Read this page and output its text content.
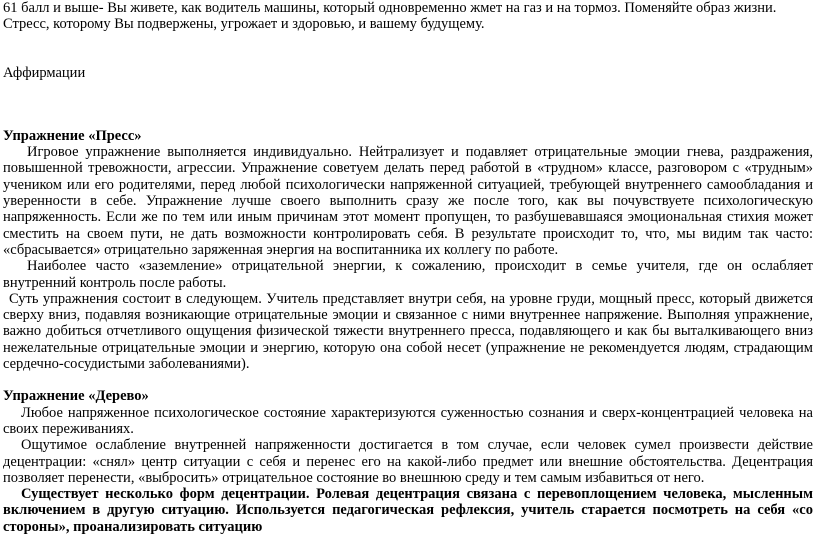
61 балл и выше- Вы живете, как водитель машины, который одновременно жмет на газ и на тормоз. Поменяйте образ жизни. Стресс, которому Вы подвержены, угрожает и здоровью, и вашему будущему.

Аффирмации

Упражнение «Пресс»

Игровое упражнение выполняется индивидуально. Нейтрализует и подавляет отрицательные эмоции гнева, раздражения, повышенной тревожности, агрессии. Упражнение советуем делать перед работой в «трудном» классе, разговором с «трудным» учеником или его родителями, перед любой психологически напряженной ситуацией, требующей внутреннего самообладания и уверенности в себе. Упражнение лучше своего выполнить сразу же после того, как вы почувствуете психологическую напряженность. Если же по тем или иным причинам этот момент пропущен, то разбушевавшаяся эмоциональная стихия может сместить на своем пути, не дать возможности контролировать себя. В результате происходит то, что, мы видим так часто: «сбрасывается» отрицательно заряженная энергия на воспитанника их коллегу по работе.

Наиболее часто «заземление» отрицательной энергии, к сожалению, происходит в семье учителя, где он ослабляет внутренний контроль после работы.

Суть упражнения состоит в следующем. Учитель представляет внутри себя, на уровне груди, мощный пресс, который движется сверху вниз, подавляя возникающие отрицательные эмоции и связанное с ними внутреннее напряжение. Выполняя упражнение, важно добиться отчетливого ощущения физической тяжести внутреннего пресса, подавляющего и как бы выталкивающего вниз нежелательные отрицательные эмоции и энергию, которую она собой несет (упражнение не рекомендуется людям, страдающим сердечно-сосудистыми заболеваниями).

Упражнение «Дерево»

Любое напряженное психологическое состояние характеризуются суженностью сознания и сверх-концентрацией человека на своих переживаниях.

Ощутимое ослабление внутренней напряженности достигается в том случае, если человек сумел произвести действие децентрации: «снял» центр ситуации с себя и перенес его на какой-либо предмет или внешние обстоятельства. Децентрация позволяет перенести, «выбросить» отрицательное состояние во внешнюю среду и тем самым избавиться от него.

Существует несколько форм децентрации. Ролевая децентрация связана с перевоплощением человека, мысленным включением в другую ситуацию. Используется педагогическая рефлексия, учитель старается посмотреть на себя «со стороны», проанализировать ситуацию
